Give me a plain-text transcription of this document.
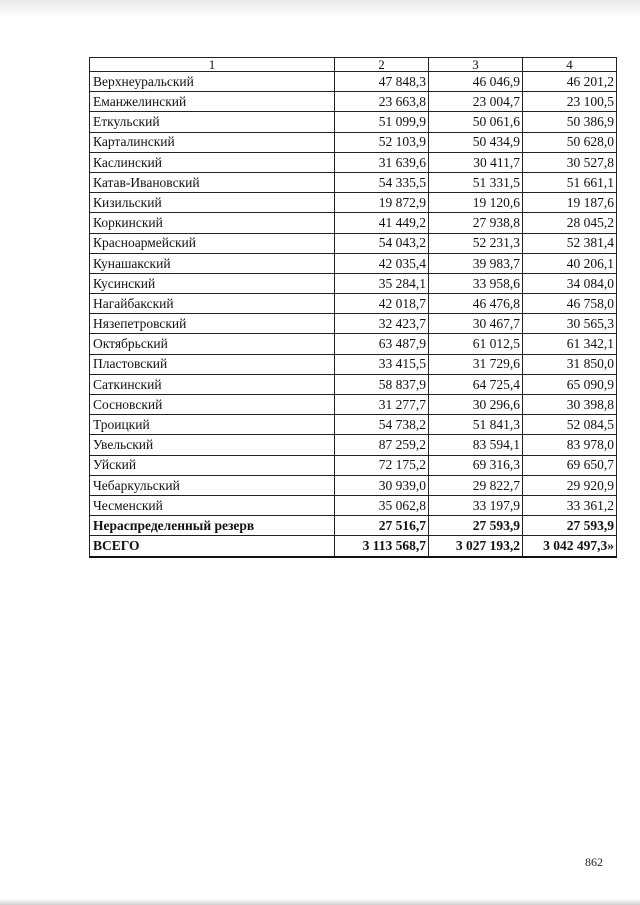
1	2	3	4
Верхнеуральский	47 848,3	46 046,9	46 201,2
Еманжелинский	23 663,8	23 004,7	23 100,5
Еткульский	51 099,9	50 061,6	50 386,9
Карталинский	52 103,9	50 434,9	50 628,0
Каслинский	31 639,6	30 411,7	30 527,8
Катав-Ивановский	54 335,5	51 331,5	51 661,1
Кизильский	19 872,9	19 120,6	19 187,6
Коркинский	41 449,2	27 938,8	28 045,2
Красноармейский	54 043,2	52 231,3	52 381,4
Кунашакский	42 035,4	39 983,7	40 206,1
Кусинский	35 284,1	33 958,6	34 084,0
Нагайбакский	42 018,7	46 476,8	46 758,0
Нязепетровский	32 423,7	30 467,7	30 565,3
Октябрьский	63 487,9	61 012,5	61 342,1
Пластовский	33 415,5	31 729,6	31 850,0
Саткинский	58 837,9	64 725,4	65 090,9
Сосновский	31 277,7	30 296,6	30 398,8
Троицкий	54 738,2	51 841,3	52 084,5
Увельский	87 259,2	83 594,1	83 978,0
Уйский	72 175,2	69 316,3	69 650,7
Чебаркульский	30 939,0	29 822,7	29 920,9
Чесменский	35 062,8	33 197,9	33 361,2
Нераспределенный резерв	27 516,7	27 593,9	27 593,9
ВСЕГО	3 113 568,7	3 027 193,2	3 042 497,3»
862
